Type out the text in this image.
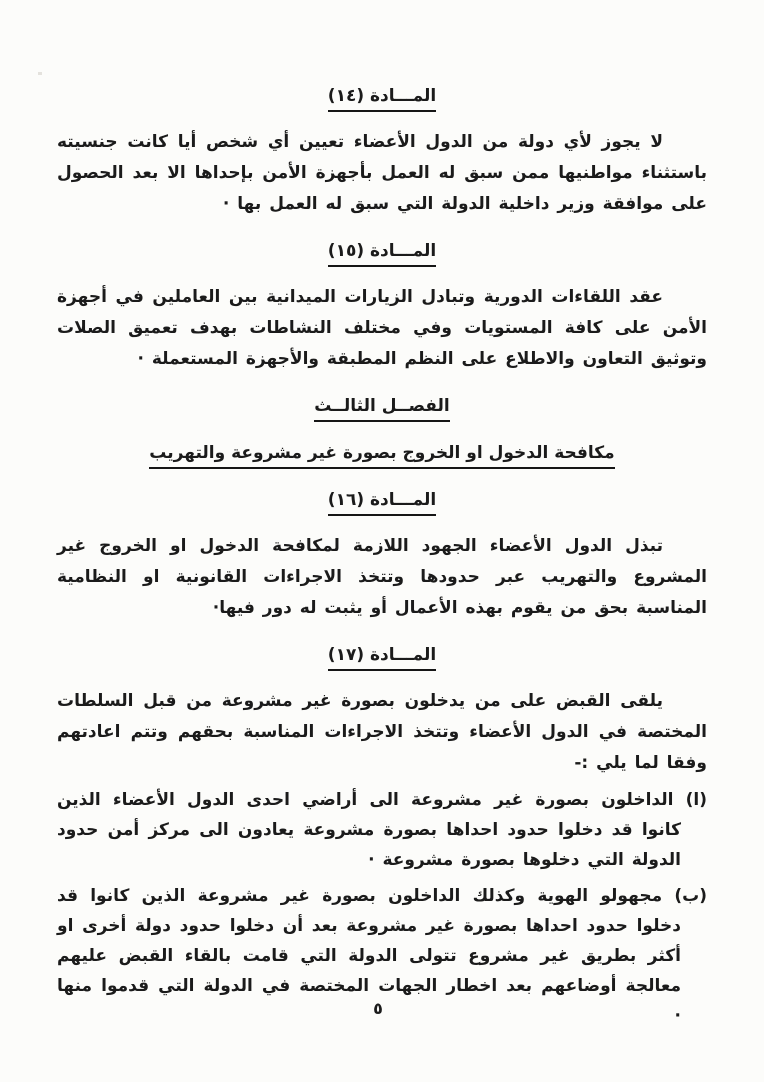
المـــادة (١٤)

لا يجوز لأي دولة من الدول الأعضاء تعيين أي شخص أيا كانت جنسيته باستثناء مواطنيها ممن سبق له العمل بأجهزة الأمن بإحداها الا بعد الحصول على موافقة وزير داخلية الدولة التي سبق له العمل بها ·

المـــادة (١٥)

عقد اللقاءات الدورية وتبادل الزيارات الميدانية بين العاملين في أجهزة الأمن على كافة المستويات وفي مختلف النشاطات بهدف تعميق الصلات وتوثيق التعاون والاطلاع على النظم المطبقة والأجهزة المستعملة ·

الفصــل الثالــث
مكافحة الدخول او الخروج بصورة غير مشروعة والتهريب
المـــادة (١٦)

تبذل الدول الأعضاء الجهود اللازمة لمكافحة الدخول او الخروج غير المشروع والتهريب عبر حدودها وتتخذ الاجراءات القانونية او النظامية المناسبة بحق من يقوم بهذه الأعمال أو يثبت له دور فيها·

المـــادة (١٧)

يلقى القبض على من يدخلون بصورة غير مشروعة من قبل السلطات المختصة في الدول الأعضاء وتتخذ الاجراءات المناسبة بحقهم وتتم اعادتهم وفقا لما يلي :-

(ا) الداخلون بصورة غير مشروعة الى أراضي احدى الدول الأعضاء الذين كانوا قد دخلوا حدود احداها بصورة مشروعة يعادون الى مركز أمن حدود الدولة التي دخلوها بصورة مشروعة ·

(ب) مجهولو الهوية وكذلك الداخلون بصورة غير مشروعة الذين كانوا قد دخلوا حدود احداها بصورة غير مشروعة بعد أن دخلوا حدود دولة أخرى او أكثر بطريق غير مشروع تتولى الدولة التي قامت بالقاء القبض عليهم معالجة أوضاعهم بعد اخطار الجهات المختصة في الدولة التي قدموا منها ·

٥
